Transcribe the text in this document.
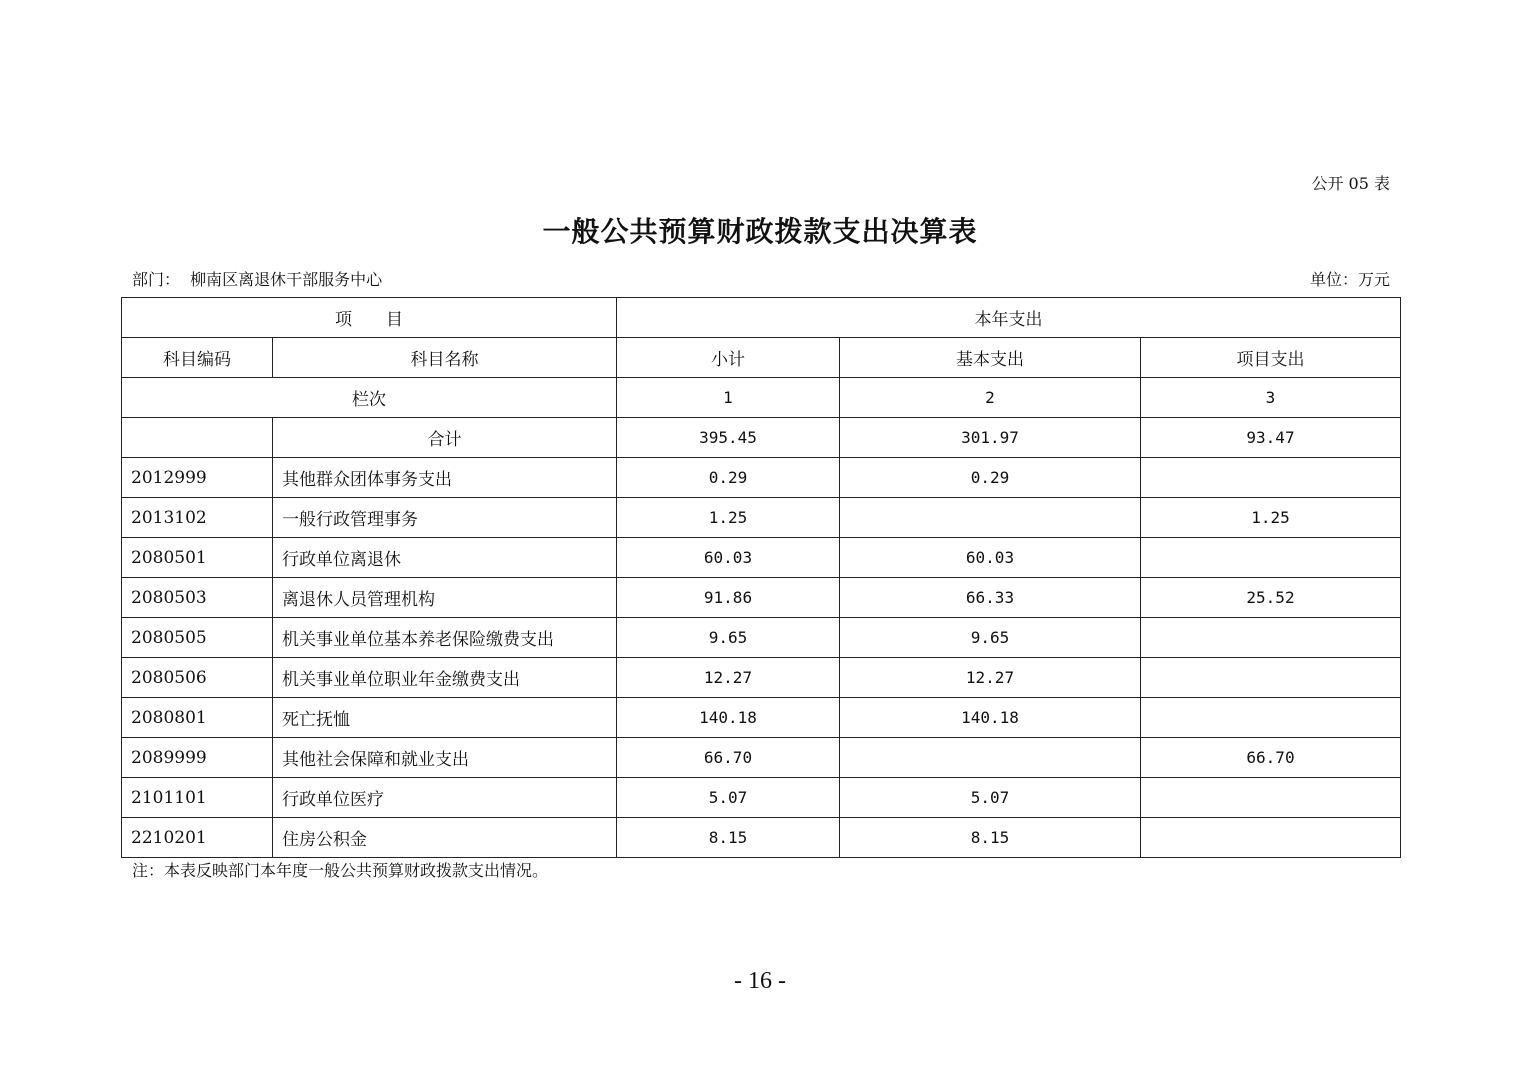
公开 05 表
一般公共预算财政拨款支出决算表
部门：  柳南区离退休干部服务中心	单位：万元
项　　目		本年支出		
科目编码	科目名称	小计	基本支出	项目支出
栏次		1	2	3
	合计	395.45	301.97	93.47
2012999	其他群众团体事务支出	0.29	0.29	
2013102	一般行政管理事务	1.25		1.25
2080501	行政单位离退休	60.03	60.03	
2080503	离退休人员管理机构	91.86	66.33	25.52
2080505	机关事业单位基本养老保险缴费支出	9.65	9.65	
2080506	机关事业单位职业年金缴费支出	12.27	12.27	
2080801	死亡抚恤	140.18	140.18	
2089999	其他社会保障和就业支出	66.70		66.70
2101101	行政单位医疗	5.07	5.07	
2210201	住房公积金	8.15	8.15	
注：本表反映部门本年度一般公共预算财政拨款支出情况。
- 16 -
